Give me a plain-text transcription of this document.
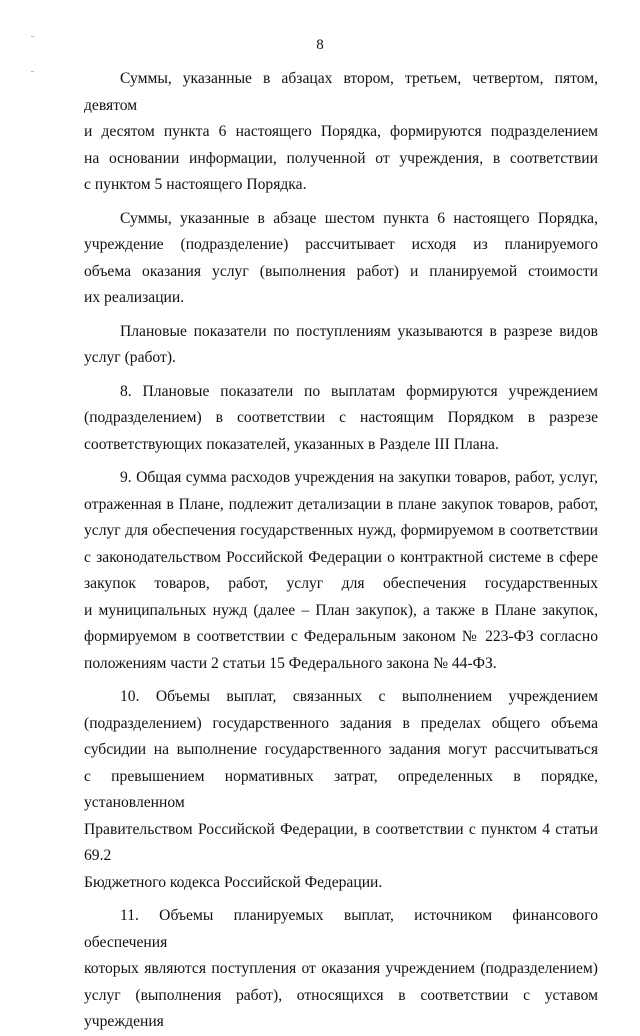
8
Суммы, указанные в абзацах втором, третьем, четвертом, пятом, девятом
и десятом пункта 6 настоящего Порядка, формируются подразделением
на основании информации, полученной от учреждения, в соответствии
с пунктом 5 настоящего Порядка.
Суммы, указанные в абзаце шестом пункта 6 настоящего Порядка,
учреждение (подразделение) рассчитывает исходя из планируемого
объема оказания услуг (выполнения работ) и планируемой стоимости
их реализации.
Плановые показатели по поступлениям указываются в разрезе видов
услуг (работ).
8. Плановые показатели по выплатам формируются учреждением
(подразделением) в соответствии с настоящим Порядком в разрезе
соответствующих показателей, указанных в Разделе III Плана.
9. Общая сумма расходов учреждения на закупки товаров, работ, услуг,
отраженная в Плане, подлежит детализации в плане закупок товаров, работ,
услуг для обеспечения государственных нужд, формируемом в соответствии
с законодательством Российской Федерации о контрактной системе в сфере
закупок товаров, работ, услуг для обеспечения государственных
и муниципальных нужд (далее – План закупок), а также в Плане закупок,
формируемом в соответствии с Федеральным законом № 223-ФЗ согласно
положениям части 2 статьи 15 Федерального закона № 44-ФЗ.
10. Объемы выплат, связанных с выполнением учреждением
(подразделением) государственного задания в пределах общего объема
субсидии на выполнение государственного задания могут рассчитываться
с превышением нормативных затрат, определенных в порядке, установленном
Правительством Российской Федерации, в соответствии с пунктом 4 статьи 69.2
Бюджетного кодекса Российской Федерации.
11. Объемы планируемых выплат, источником финансового обеспечения
которых являются поступления от оказания учреждением (подразделением)
услуг (выполнения работ), относящихся в соответствии с уставом учреждения
